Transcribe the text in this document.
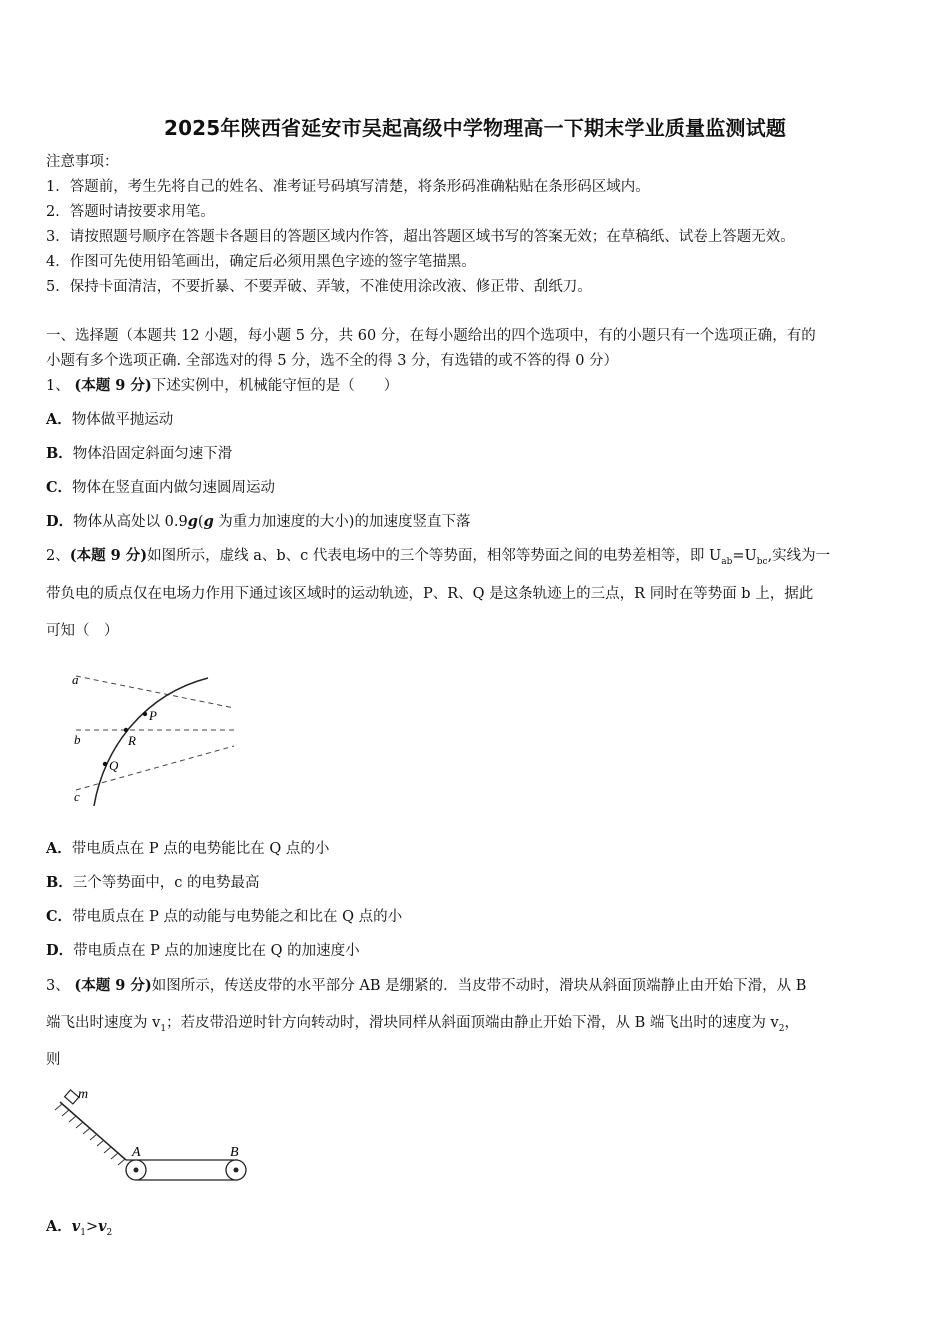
2025年陕西省延安市吴起高级中学物理高一下期末学业质量监测试题
注意事项：
1．答题前，考生先将自己的姓名、准考证号码填写清楚，将条形码准确粘贴在条形码区域内。
2．答题时请按要求用笔。
3．请按照题号顺序在答题卡各题目的答题区域内作答，超出答题区域书写的答案无效；在草稿纸、试卷上答题无效。
4．作图可先使用铅笔画出，确定后必须用黑色字迹的签字笔描黑。
5．保持卡面清洁，不要折暴、不要弄破、弄皱，不准使用涂改液、修正带、刮纸刀。
一、选择题（本题共 12 小题，每小题 5 分，共 60 分，在每小题给出的四个选项中，有的小题只有一个选项正确，有的
小题有多个选项正确. 全部选对的得 5 分，选不全的得 3 分，有选错的或不答的得 0 分）
1、 (本题 9 分)下述实例中，机械能守恒的是（　　）
A．物体做平抛运动
B．物体沿固定斜面匀速下滑
C．物体在竖直面内做匀速圆周运动
D．物体从高处以 0.9g(g 为重力加速度的大小)的加速度竖直下落
2、(本题 9 分)如图所示，虚线 a、b、c 代表电场中的三个等势面，相邻等势面之间的电势差相等，即 $U_{ab}=U_{bc}$,实线为一
带负电的质点仅在电场力作用下通过该区域时的运动轨迹，P、R、Q 是这条轨迹上的三点，R 同时在等势面 b 上，据此
可知（　）
a
b
c
P
R
Q
A．带电质点在 P 点的电势能比在 Q 点的小
B．三个等势面中，c 的电势最高
C．带电质点在 P 点的动能与电势能之和比在 Q 点的小
D．带电质点在 P 点的加速度比在 Q 的加速度小
3、 (本题 9 分)如图所示，传送皮带的水平部分 AB 是绷紧的．当皮带不动时，滑块从斜面顶端静止由开始下滑，从 B
端飞出时速度为 $v_1$；若皮带沿逆时针方向转动时，滑块同样从斜面顶端由静止开始下滑，从 B 端飞出时的速度为 $v_2$，
则
m
A	B
A．$v_1>v_2$
